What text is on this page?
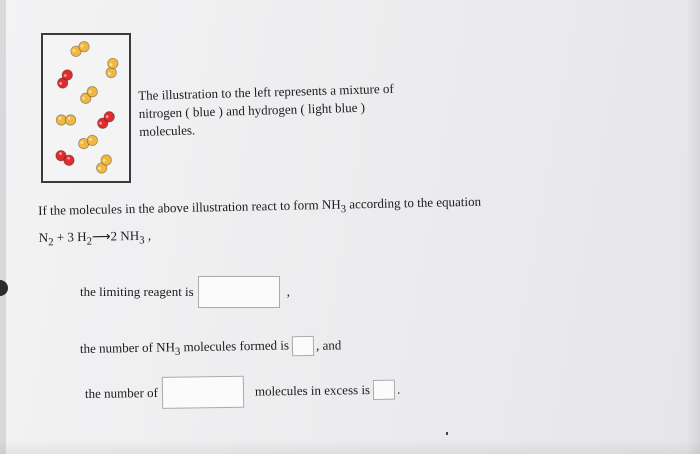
The illustration to the left represents a mixture of
nitrogen ( blue ) and hydrogen ( light blue )
molecules.
If the molecules in the above illustration react to form $NH_3$ according to the equation
$N_2 + 3$ $H_2⟶2$ $NH_3$ ,
the limiting reagent is	,
the number of $NH_3$ molecules formed is , and
the number of	molecules in excess is .
